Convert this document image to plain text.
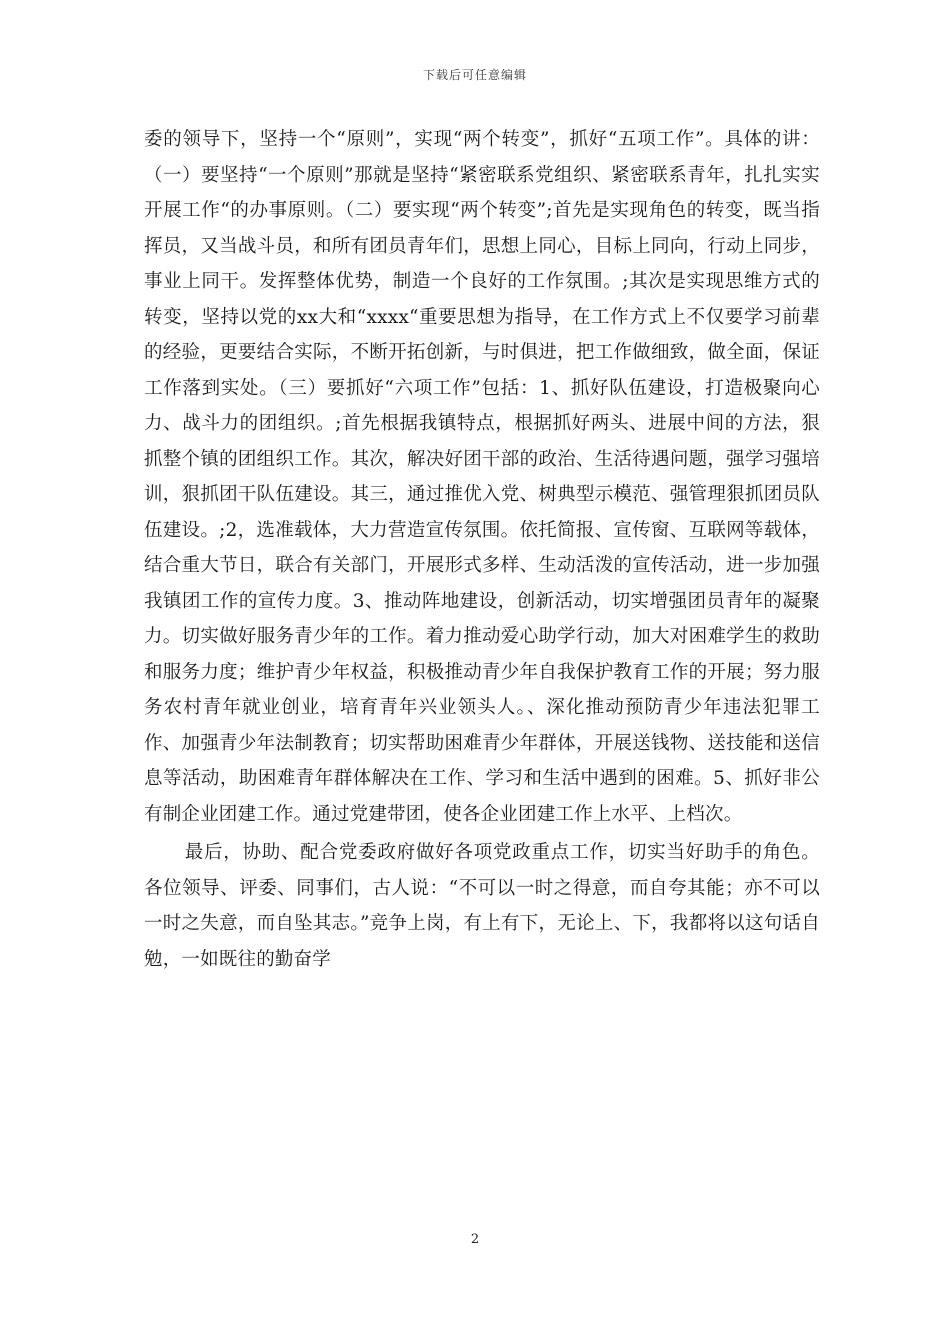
下载后可任意编辑

委的领导下，坚持一个“原则”，实现“两个转变”，抓好“五项工作”。具体的讲：（一）要坚持“一个原则”那就是坚持“紧密联系党组织、紧密联系青年，扎扎实实开展工作“的办事原则。（二）要实现“两个转变”;首先是实现角色的转变，既当指挥员，又当战斗员，和所有团员青年们，思想上同心，目标上同向，行动上同步，事业上同干。发挥整体优势，制造一个良好的工作氛围。;其次是实现思维方式的转变，坚持以党的xx大和“xxxx“重要思想为指导，在工作方式上不仅要学习前辈的经验，更要结合实际，不断开拓创新，与时俱进，把工作做细致，做全面，保证工作落到实处。（三）要抓好“六项工作”包括：1、抓好队伍建设，打造极聚向心力、战斗力的团组织。;首先根据我镇特点，根据抓好两头、进展中间的方法，狠抓整个镇的团组织工作。其次，解决好团干部的政治、生活待遇问题，强学习强培训，狠抓团干队伍建设。其三，通过推优入党、树典型示模范、强管理狠抓团员队伍建设。;2，选准载体，大力营造宣传氛围。依托简报、宣传窗、互联网等载体，结合重大节日，联合有关部门，开展形式多样、生动活泼的宣传活动，进一步加强我镇团工作的宣传力度。3、推动阵地建设，创新活动，切实增强团员青年的凝聚力。切实做好服务青少年的工作。着力推动爱心助学行动，加大对困难学生的救助和服务力度；维护青少年权益，积极推动青少年自我保护教育工作的开展；努力服务农村青年就业创业，培育青年兴业领头人。、深化推动预防青少年违法犯罪工作、加强青少年法制教育；切实帮助困难青少年群体，开展送钱物、送技能和送信息等活动，助困难青年群体解决在工作、学习和生活中遇到的困难。5、抓好非公有制企业团建工作。通过党建带团，使各企业团建工作上水平、上档次。

最后，协助、配合党委政府做好各项党政重点工作，切实当好助手的角色。各位领导、评委、同事们，古人说：“不可以一时之得意，而自夸其能；亦不可以一时之失意，而自坠其志。”竞争上岗，有上有下，无论上、下，我都将以这句话自勉，一如既往的勤奋学

2
